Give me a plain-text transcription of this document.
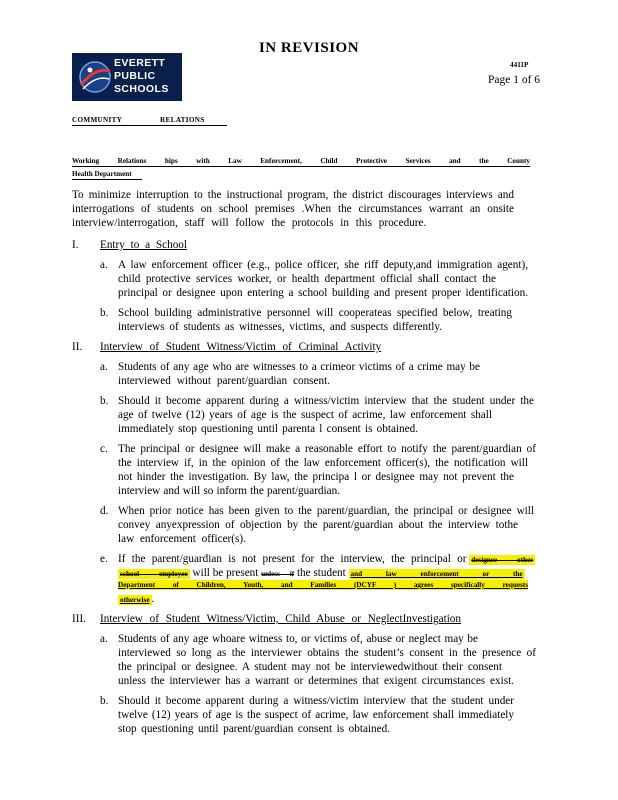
IN REVISION
EVERETT
PUBLIC
SCHOOLS
4411P
Page 1 of 6
COMMUNITY RELATIONS
Working Relations hips with Law Enforcement, Child Protective Services and the County
Health Department
To minimize interruption to the instructional program, the district discourages interviews and
interrogations of students on school premises .When the circumstances warrant an onsite
interview/interrogation, staff will follow the protocols in this procedure.
I. Entry to a School
a. A law enforcement officer (e.g., police officer, she riff deputy,and immigration agent),
child protective services worker, or health department official shall contact the
principal or designee upon entering a school building and present proper identification.
b. School building administrative personnel will cooperateas specified below, treating
interviews of students as witnesses, victims, and suspects differently.
II. Interview of Student Witness/Victim of Criminal Activity
a. Students of any age who are witnesses to a crimeor victims of a crime may be
interviewed without parent/guardian consent.
b. Should it become apparent during a witness/victim interview that the student under the
age of twelve (12) years of age is the suspect of acrime, law enforcement shall
immediately stop questioning until parenta l consent is obtained.
c. The principal or designee will make a reasonable effort to notify the parent/guardian of
the interview if, in the opinion of the law enforcement officer(s), the notification will
not hinder the investigation. By law, the principa l or designee may not prevent the
interview and will so inform the parent/guardian.
d. When prior notice has been given to the parent/guardian, the principal or designee will
convey anyexpression of objection by the parent/guardian about the interview tothe
law enforcement officer(s).
e. If the parent/guardian is not present for the interview, the principal or designee other
school employee will be present unless if the student and law enforcement or the
Department of Children, Youth, and Families (DCYF ) agrees specifically requests
otherwise .
III. Interview of Student Witness/Victim, Child Abuse or NeglectInvestigation
a. Students of any age whoare witness to, or victims of, abuse or neglect may be
interviewed so long as the interviewer obtains the student’s consent in the presence of
the principal or designee. A student may not be interviewedwithout their consent
unless the interviewer has a warrant or determines that exigent circumstances exist.
b. Should it become apparent during a witness/victim interview that the student under
twelve (12) years of age is the suspect of acrime, law enforcement shall immediately
stop questioning until parent/guardian consent is obtained.
